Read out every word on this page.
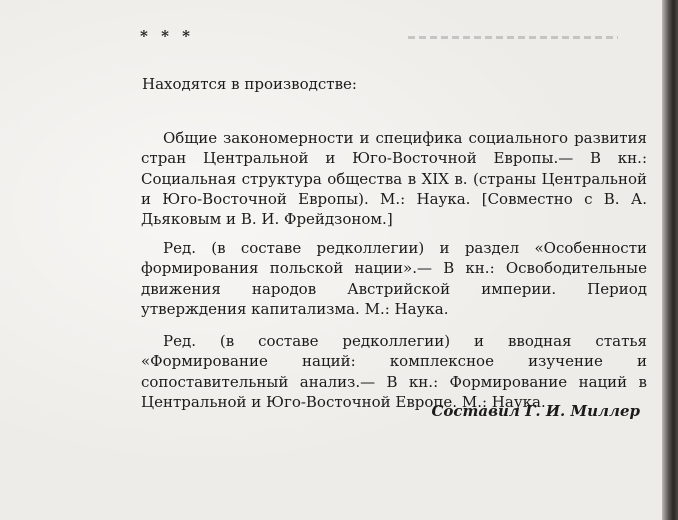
* * *
Находятся в производстве:

Общие закономерности и специфика социального развития стран Центральной и Юго-Восточной Европы.— В кн.: Социальная структура общества в XIX в. (страны Центральной и Юго-Восточной Европы). М.: Наука. [Совместно с В. А. Дьяковым и В. И. Фрейдзоном.]

Ред. (в составе редколлегии) и раздел «Особенности формирования польской нации».— В кн.: Освободительные движения народов Австрийской империи. Период утверждения капитализма. М.: Наука.

Ред. (в составе редколлегии) и вводная статья «Формирование наций: комплексное изучение и сопоставительный анализ.— В кн.: Формирование наций в Центральной и Юго-Восточной Европе. М.: Наука.

Составил Г. И. Миллер
